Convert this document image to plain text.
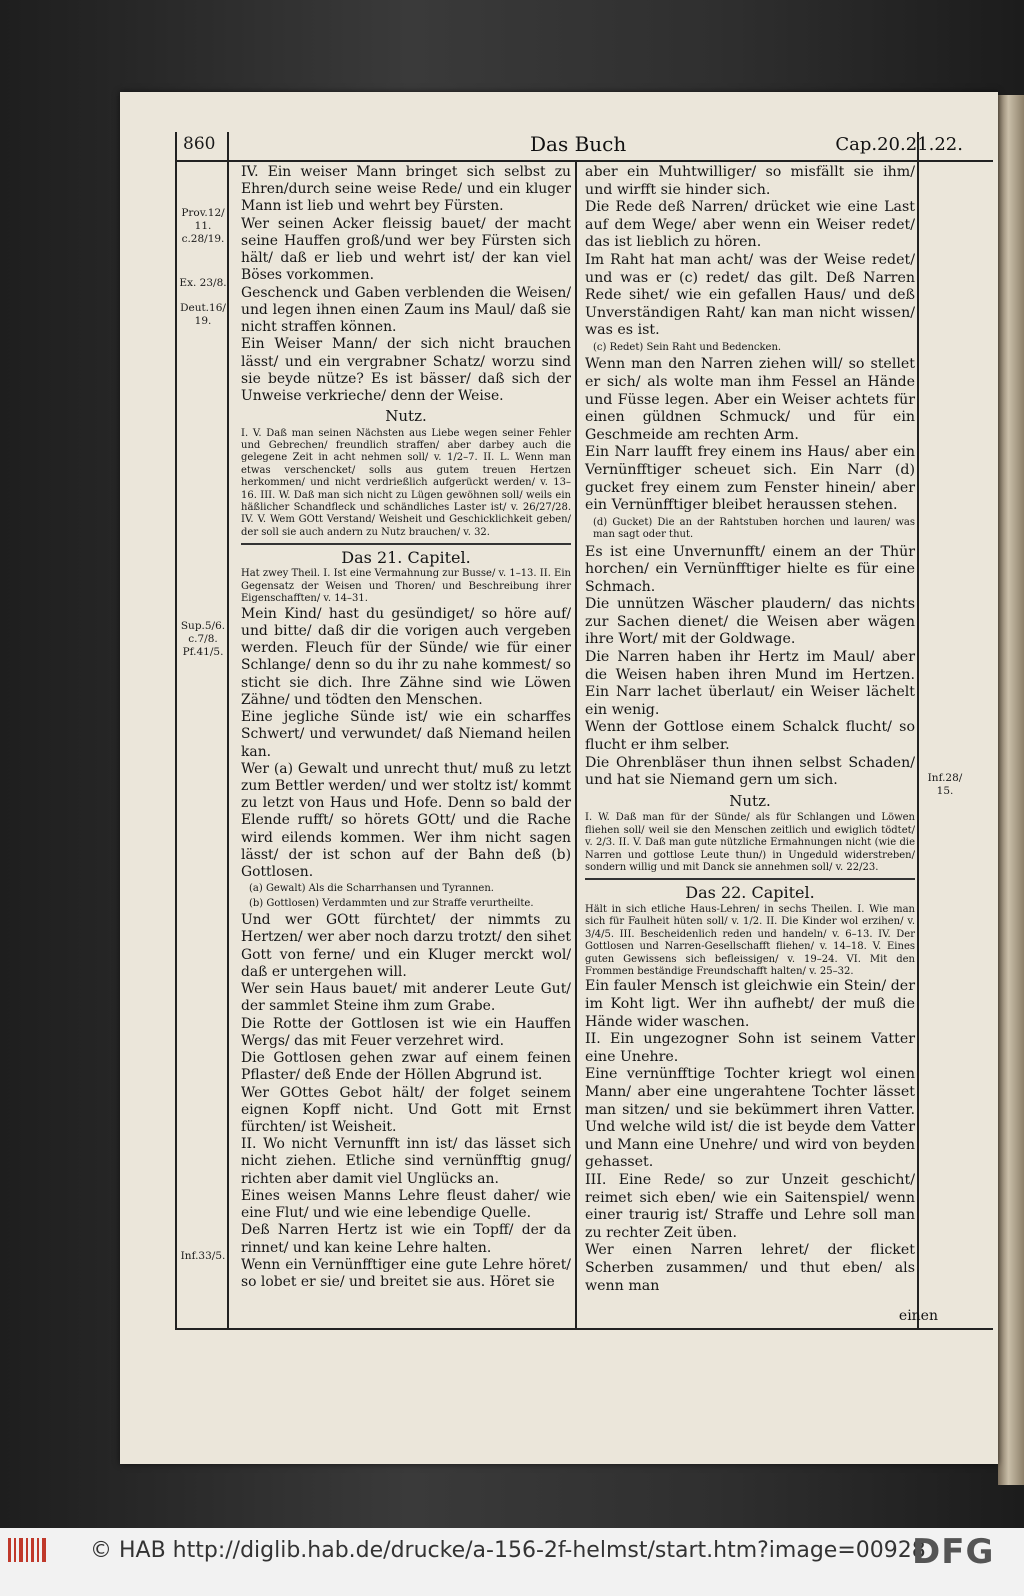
860	Das Buch	Cap.20.21.22.
Prov.12/ 11. c.28/19.
Ex. 23/8.
Deut.16/ 19.
Sup.5/6. c.7/8. Pf.41/5.
Inf.33/5.
Inf.28/ 15.

IV. Ein weiser Mann bringet sich selbst zu Ehren/durch seine weise Rede/ und ein kluger Mann ist lieb und wehrt bey Fürsten.

Wer seinen Acker fleissig bauet/ der macht seine Hauffen groß/und wer bey Fürsten sich hält/ daß er lieb und wehrt ist/ der kan viel Böses vorkommen.

Geschenck und Gaben verblenden die Weisen/ und legen ihnen einen Zaum ins Maul/ daß sie nicht straffen können.

Ein Weiser Mann/ der sich nicht brauchen lässt/ und ein vergrabner Schatz/ worzu sind sie beyde nütze? Es ist bässer/ daß sich der Unweise verkrieche/ denn der Weise.

Nutz.

I. V. Daß man seinen Nächsten aus Liebe wegen seiner Fehler und Gebrechen/ freundlich straffen/ aber darbey auch die gelegene Zeit in acht nehmen soll/ v. 1/2–7. II. L. Wenn man etwas verschencket/ solls aus gutem treuen Hertzen herkommen/ und nicht verdrießlich aufgerückt werden/ v. 13–16. III. W. Daß man sich nicht zu Lügen gewöhnen soll/ weils ein häßlicher Schandfleck und schändliches Laster ist/ v. 26/27/28. IV. V. Wem GOtt Verstand/ Weisheit und Geschicklichkeit geben/ der soll sie auch andern zu Nutz brauchen/ v. 32.

Das 21. Capitel.

Hat zwey Theil. I. Ist eine Vermahnung zur Busse/ v. 1–13. II. Ein Gegensatz der Weisen und Thoren/ und Beschreibung ihrer Eigenschafften/ v. 14–31.

Mein Kind/ hast du gesündiget/ so höre auf/ und bitte/ daß dir die vorigen auch vergeben werden. Fleuch für der Sünde/ wie für einer Schlange/ denn so du ihr zu nahe kommest/ so sticht sie dich. Ihre Zähne sind wie Löwen Zähne/ und tödten den Menschen.

Eine jegliche Sünde ist/ wie ein scharffes Schwert/ und verwundet/ daß Niemand heilen kan.

Wer (a) Gewalt und unrecht thut/ muß zu letzt zum Bettler werden/ und wer stoltz ist/ kommt zu letzt von Haus und Hofe. Denn so bald der Elende rufft/ so hörets GOtt/ und die Rache wird eilends kommen. Wer ihm nicht sagen lässt/ der ist schon auf der Bahn deß (b) Gottlosen.

(a) Gewalt) Als die Scharrhansen und Tyrannen.
(b) Gottlosen) Verdammten und zur Straffe verurtheilte.

Und wer GOtt fürchtet/ der nimmts zu Hertzen/ wer aber noch darzu trotzt/ den sihet Gott von ferne/ und ein Kluger merckt wol/ daß er untergehen will.

Wer sein Haus bauet/ mit anderer Leute Gut/ der sammlet Steine ihm zum Grabe.

Die Rotte der Gottlosen ist wie ein Hauffen Wergs/ das mit Feuer verzehret wird.

Die Gottlosen gehen zwar auf einem feinen Pflaster/ deß Ende der Höllen Abgrund ist.

Wer GOttes Gebot hält/ der folget seinem eignen Kopff nicht. Und Gott mit Ernst fürchten/ ist Weisheit.

II. Wo nicht Vernunfft inn ist/ das lässet sich nicht ziehen. Etliche sind vernünfftig gnug/ richten aber damit viel Unglücks an.

Eines weisen Manns Lehre fleust daher/ wie eine Flut/ und wie eine lebendige Quelle.

Deß Narren Hertz ist wie ein Topff/ der da rinnet/ und kan keine Lehre halten.

Wenn ein Vernünfftiger eine gute Lehre höret/ so lobet er sie/ und breitet sie aus. Höret sie

aber ein Muhtwilliger/ so misfällt sie ihm/ und wirfft sie hinder sich.

Die Rede deß Narren/ drücket wie eine Last auf dem Wege/ aber wenn ein Weiser redet/ das ist lieblich zu hören.

Im Raht hat man acht/ was der Weise redet/ und was er (c) redet/ das gilt. Deß Narren Rede sihet/ wie ein gefallen Haus/ und deß Unverständigen Raht/ kan man nicht wissen/ was es ist.

(c) Redet) Sein Raht und Bedencken.

Wenn man den Narren ziehen will/ so stellet er sich/ als wolte man ihm Fessel an Hände und Füsse legen. Aber ein Weiser achtets für einen güldnen Schmuck/ und für ein Geschmeide am rechten Arm.

Ein Narr laufft frey einem ins Haus/ aber ein Vernünfftiger scheuet sich. Ein Narr (d) gucket frey einem zum Fenster hinein/ aber ein Vernünfftiger bleibet heraussen stehen.

(d) Gucket) Die an der Rahtstuben horchen und lauren/ was man sagt oder thut.

Es ist eine Unvernunfft/ einem an der Thür horchen/ ein Vernünfftiger hielte es für eine Schmach.

Die unnützen Wäscher plaudern/ das nichts zur Sachen dienet/ die Weisen aber wägen ihre Wort/ mit der Goldwage.

Die Narren haben ihr Hertz im Maul/ aber die Weisen haben ihren Mund im Hertzen. Ein Narr lachet überlaut/ ein Weiser lächelt ein wenig.

Wenn der Gottlose einem Schalck flucht/ so flucht er ihm selber.

Die Ohrenbläser thun ihnen selbst Schaden/ und hat sie Niemand gern um sich.

Nutz.

I. W. Daß man für der Sünde/ als für Schlangen und Löwen fliehen soll/ weil sie den Menschen zeitlich und ewiglich tödtet/ v. 2/3. II. V. Daß man gute nützliche Ermahnungen nicht (wie die Narren und gottlose Leute thun/) in Ungeduld widerstreben/ sondern willig und mit Danck sie annehmen soll/ v. 22/23.

Das 22. Capitel.

Hält in sich etliche Haus-Lehren/ in sechs Theilen. I. Wie man sich für Faulheit hüten soll/ v. 1/2. II. Die Kinder wol erzihen/ v. 3/4/5. III. Bescheidenlich reden und handeln/ v. 6–13. IV. Der Gottlosen und Narren-Gesellschafft fliehen/ v. 14–18. V. Eines guten Gewissens sich befleissigen/ v. 19–24. VI. Mit den Frommen beständige Freundschafft halten/ v. 25–32.

Ein fauler Mensch ist gleichwie ein Stein/ der im Koht ligt. Wer ihn aufhebt/ der muß die Hände wider waschen.

II. Ein ungezogner Sohn ist seinem Vatter eine Unehre.

Eine vernünfftige Tochter kriegt wol einen Mann/ aber eine ungerahtene Tochter lässet man sitzen/ und sie bekümmert ihren Vatter. Und welche wild ist/ die ist beyde dem Vatter und Mann eine Unehre/ und wird von beyden gehasset.

III. Eine Rede/ so zur Unzeit geschicht/ reimet sich eben/ wie ein Saitenspiel/ wenn einer traurig ist/ Straffe und Lehre soll man zu rechter Zeit üben.

Wer einen Narren lehret/ der flicket Scherben zusammen/ und thut eben/ als wenn man

einen
© HAB http://diglib.hab.de/drucke/a-156-2f-helmst/start.htm?image=00928
DFG
